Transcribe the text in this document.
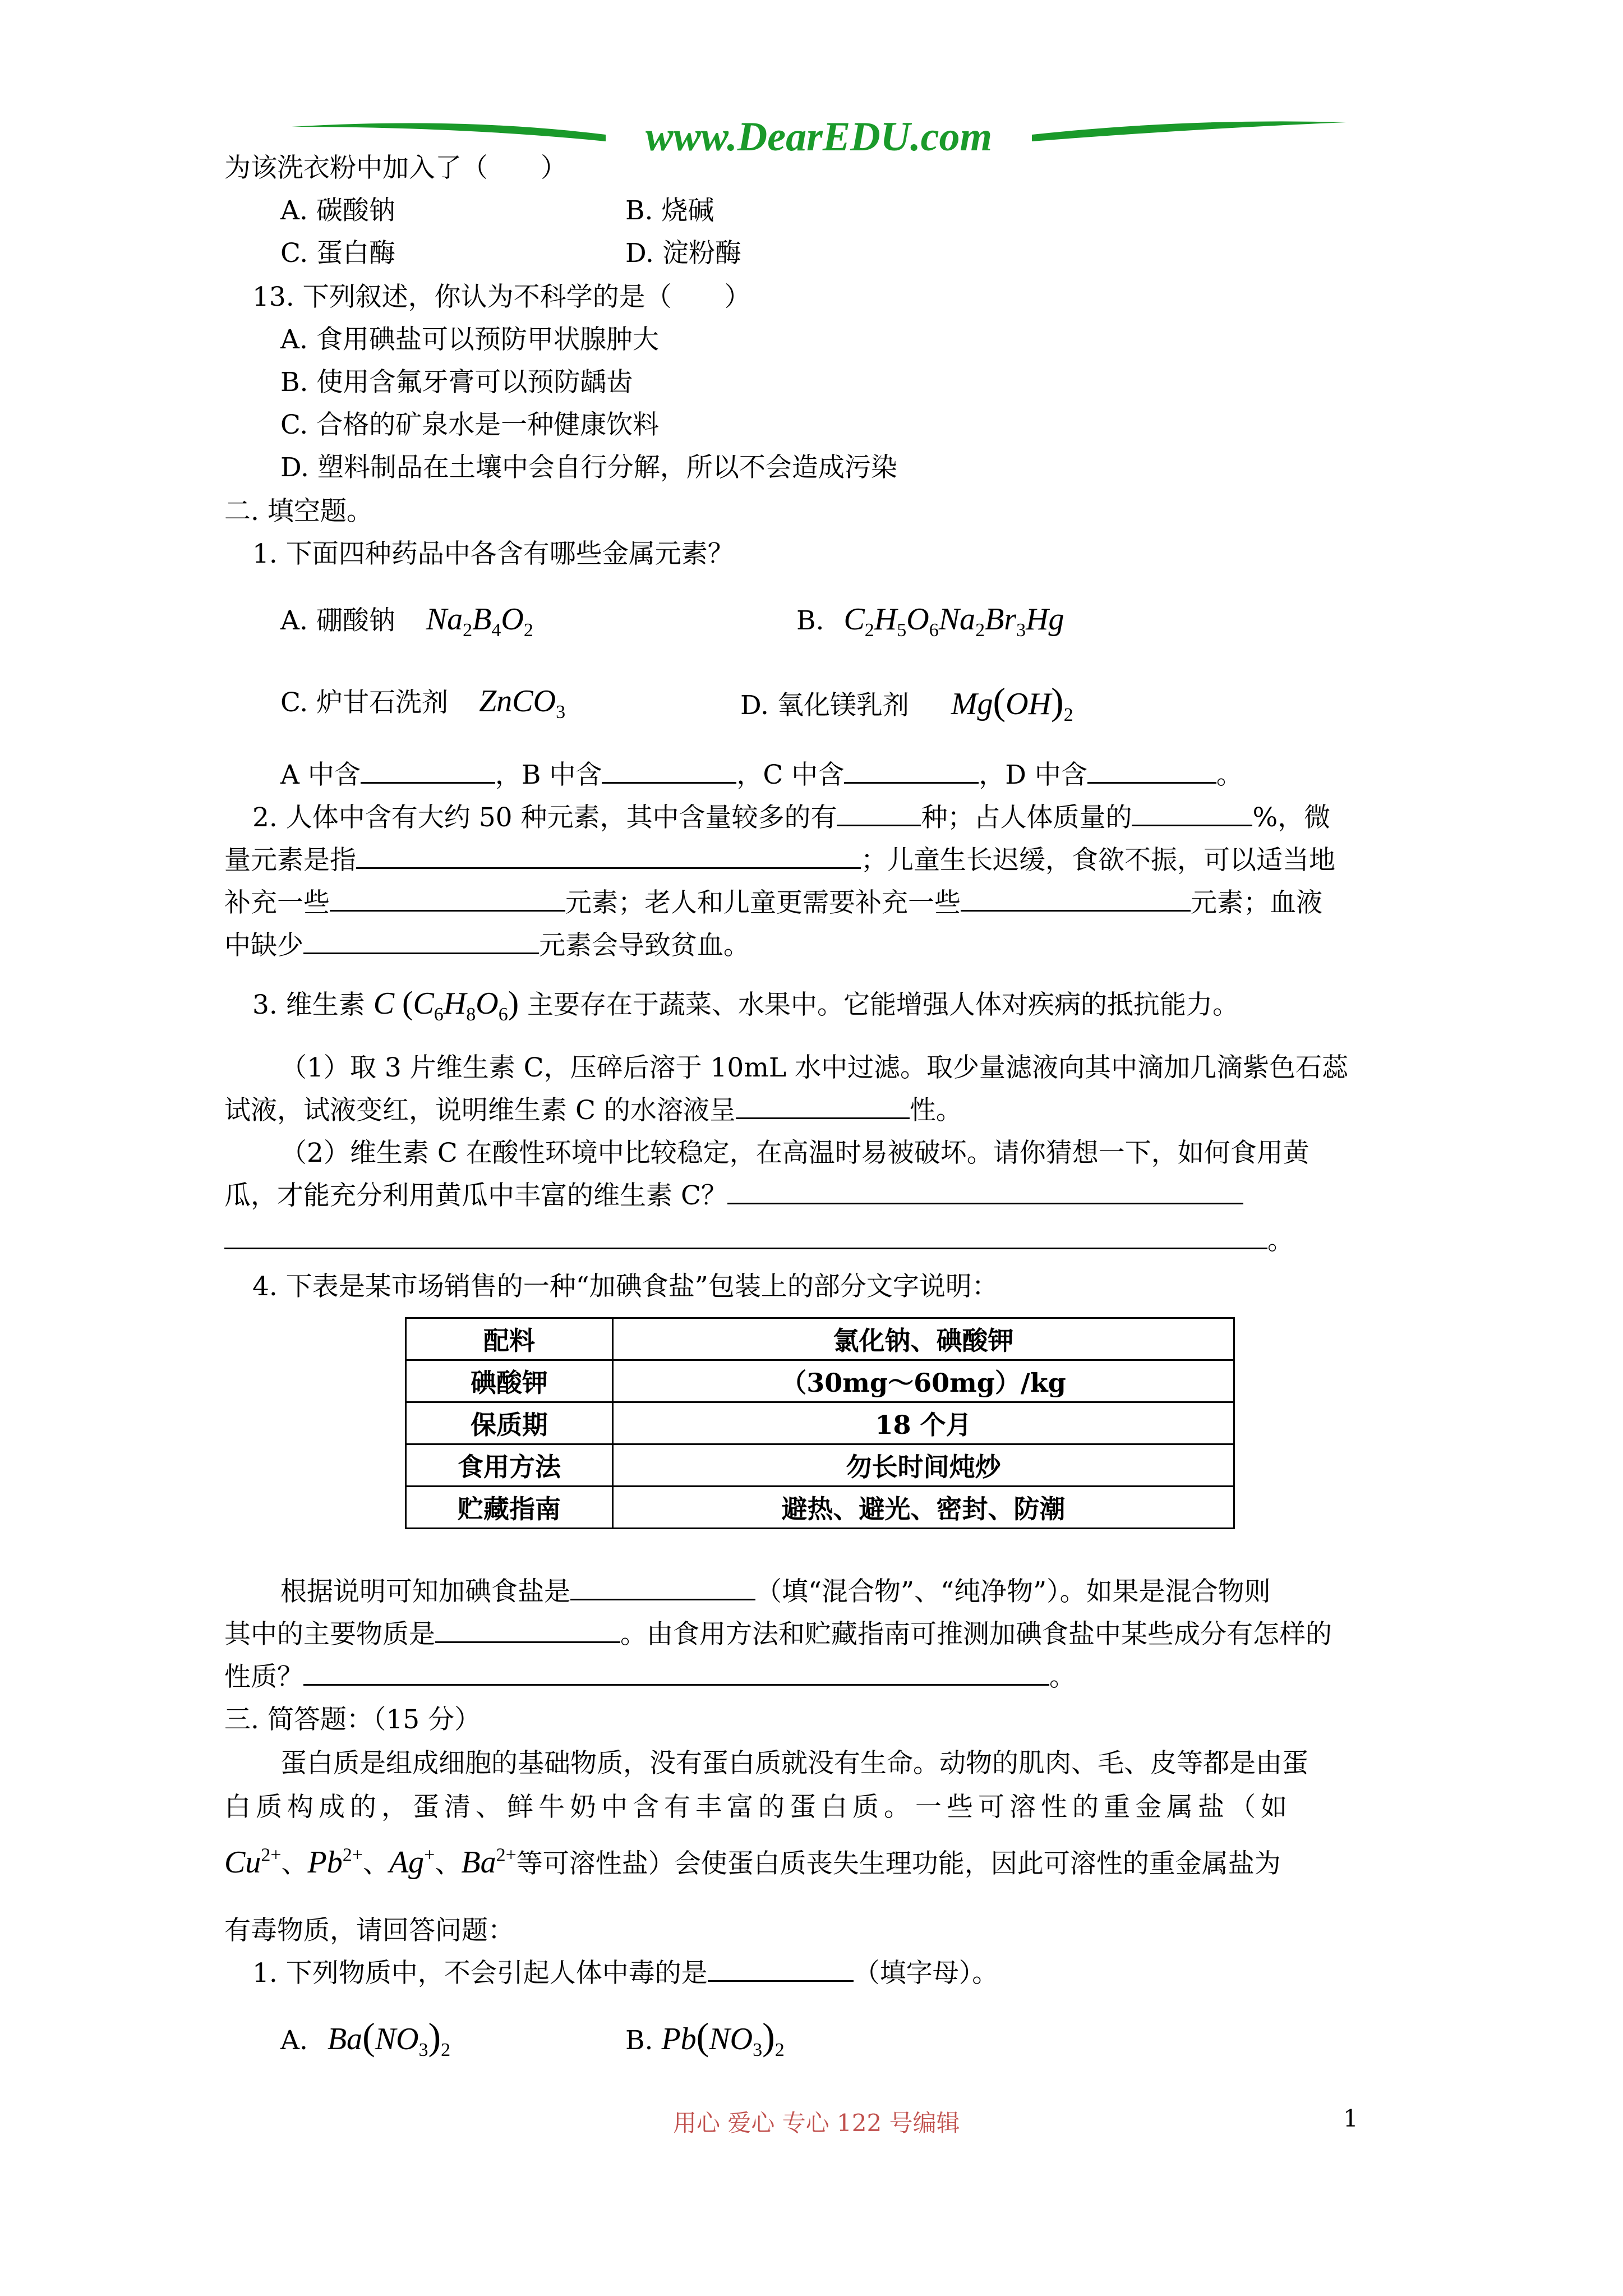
www.DearEDU.com
为该洗衣粉中加入了（　　）
A. 碳酸钠	B. 烧碱
C. 蛋白酶	D. 淀粉酶
13. 下列叙述，你认为不科学的是（　　）
A. 食用碘盐可以预防甲状腺肿大
B. 使用含氟牙膏可以预防龋齿
C. 合格的矿泉水是一种健康饮料
D. 塑料制品在土壤中会自行分解，所以不会造成污染
二. 填空题。
1. 下面四种药品中各含有哪些金属元素？
A. 硼酸钠 $Na_2B_4O_2$	B. $C_2H_5O_6Na_2Br_3Hg$
C. 炉甘石洗剂 ZnCO$_3$	D. 氧化镁乳剂 $Mg(OH)_2$
A 中含	，B 中含	，C 中含	，D 中含	。
2. 人体中含有大约 50 种元素，其中含量较多的有	种；占人体质量的	%，微
量元素是指	；儿童生长迟缓，食欲不振，可以适当地
补充一些	元素；老人和儿童更需要补充一些	元素；血液
中缺少	元素会导致贫血。
3. 维生素 C $(C_6H_8O_6)$ 主要存在于蔬菜、水果中。它能增强人体对疾病的抵抗能力。
（1）取 3 片维生素 C，压碎后溶于 10mL 水中过滤。取少量滤液向其中滴加几滴紫色石蕊
试液，试液变红，说明维生素 C 的水溶液呈	性。
（2）维生素 C 在酸性环境中比较稳定，在高温时易被破坏。请你猜想一下，如何食用黄
瓜，才能充分利用黄瓜中丰富的维生素 C？
。
4. 下表是某市场销售的一种“加碘食盐”包装上的部分文字说明：
配料	氯化钠、碘酸钾
碘酸钾	（30mg～60mg）/kg
保质期	18 个月
食用方法	勿长时间炖炒
贮藏指南	避热、避光、密封、防潮
根据说明可知加碘食盐是	（填“混合物”、“纯净物”）。如果是混合物则
其中的主要物质是	。由食用方法和贮藏指南可推测加碘食盐中某些成分有怎样的
性质？	。
三. 简答题：（15 分）
蛋白质是组成细胞的基础物质，没有蛋白质就没有生命。动物的肌肉、毛、皮等都是由蛋
白质构成的，蛋清、鲜牛奶中含有丰富的蛋白质。一些可溶性的重金属盐（如
$Cu^{2+}$、$Pb^{2+}$、Ag+、$Ba^{2+}$等可溶性盐）会使蛋白质丧失生理功能，因此可溶性的重金属盐为
有毒物质，请回答问题：
1. 下列物质中，不会引起人体中毒的是	（填字母）。
A. $Ba(NO_3)_2$	B. $Pb(NO_3)_2$
用心 爱心 专心 122 号编辑	1
